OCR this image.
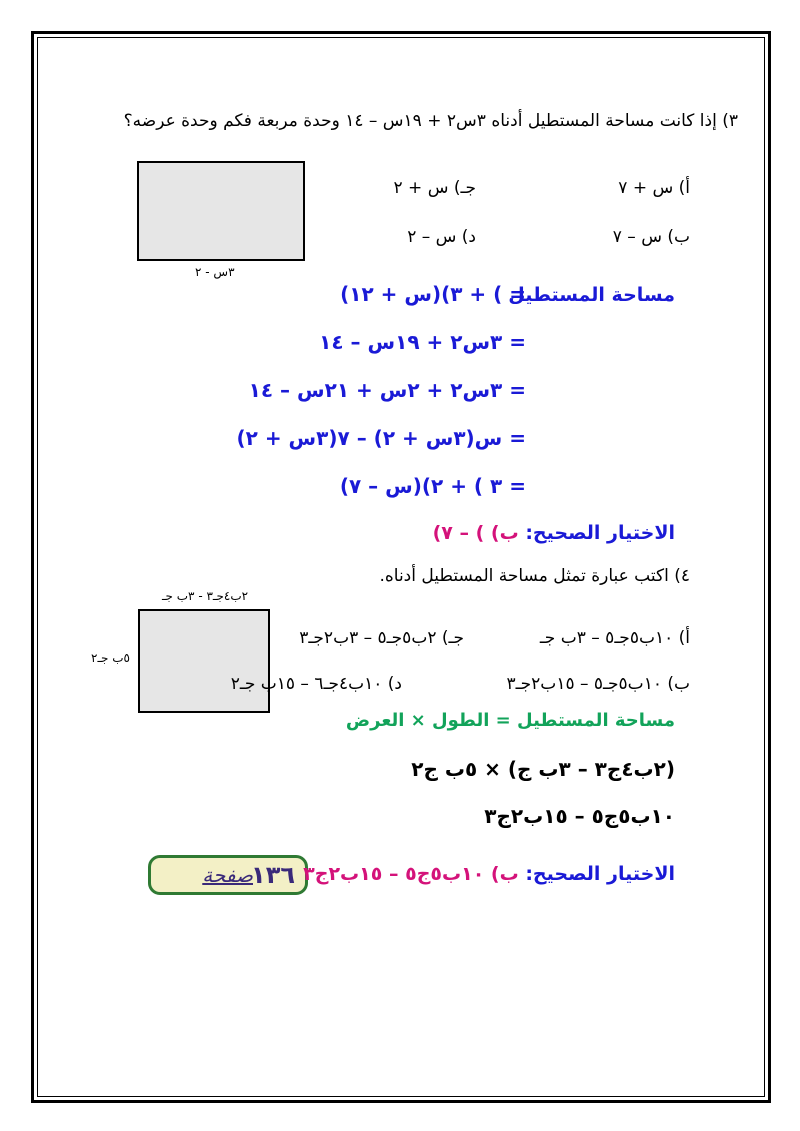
٣) إذا كانت مساحة المستطيل أدناه ٣س٢ + ١٩س – ١٤ وحدة مربعة فكم وحدة عرضه؟
٣س - ٢
أ) س + ٧
جـ) س + ٢
ب) س – ٧
د) س – ٢
مساحة المستطيل
= ) + ٣)(س + ١٢)
= ٣س٢ + ١٩س – ١٤
= ٣س٢ + ٢س + ٢١س – ١٤
= س(٣س + ٢) – ٧(٣س + ٢)
= ٣ ) + ٢)(س – ٧)
الاختيار الصحيح: ب) ) – ٧)
٤) اكتب عبارة تمثل مساحة المستطيل أدناه.
٢ب٤جـ٣ - ٣ب جـ
٥ب جـ٢
أ) ١٠ب٥جـ٥ – ٣ب جـ
جـ) ٢ب٥جـ٥ – ٣ب٢جـ٣
ب) ١٠ب٥جـ٥ – ١٥ب٢جـ٣
د) ١٠ب٤جـ٦ – ١٥ب جـ٢
مساحة المستطيل = الطول × العرض
(٢ب٤ج٣ – ٣ب ج) × ٥ب ج٢
١٠ب٥ج٥ – ١٥ب٢ج٣
صفحة
١٣٦	الاختيار الصحيح: ب) ١٠ب٥ج٥ – ١٥ب٢ج٣
